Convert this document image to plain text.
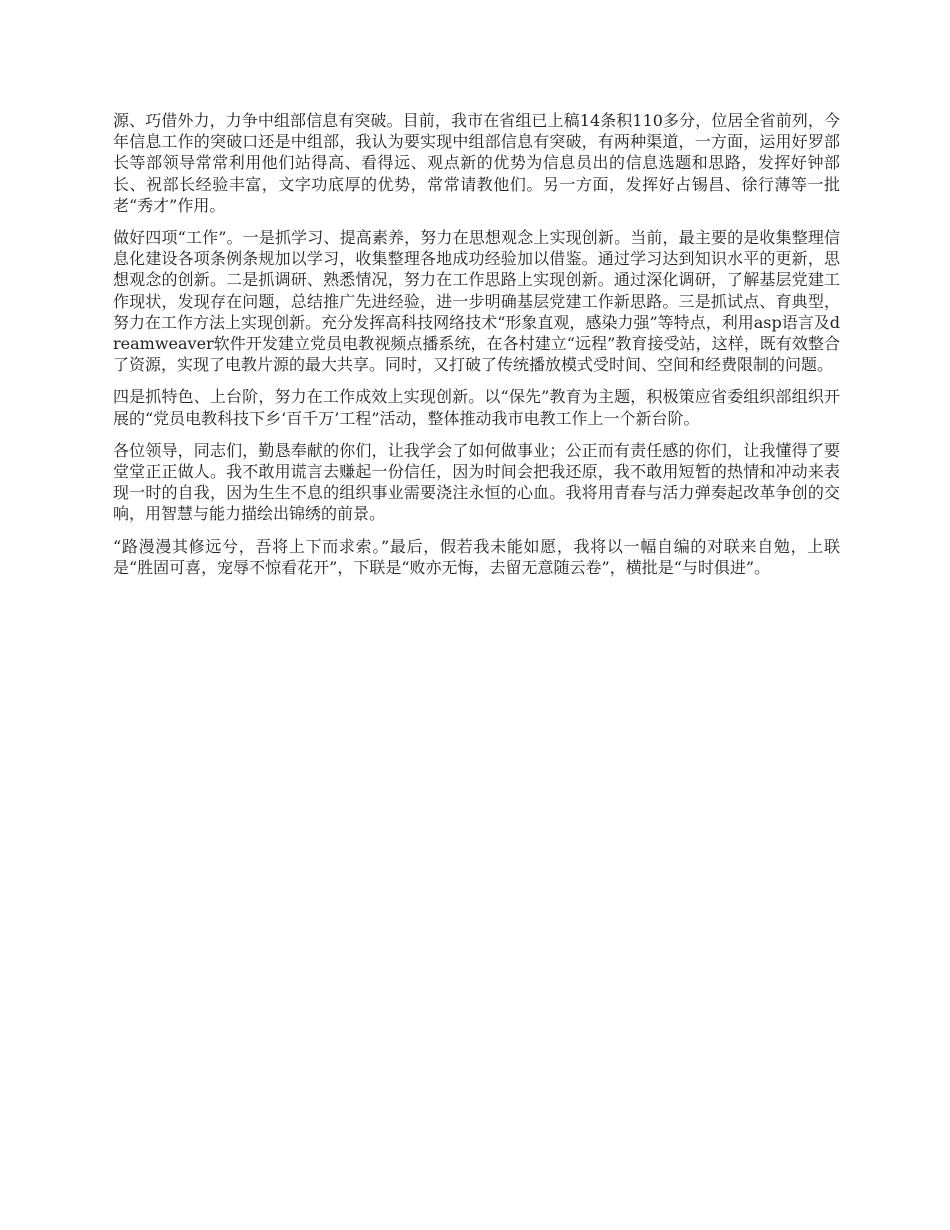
源、巧借外力，力争中组部信息有突破。目前，我市在省组已上稿14条积110多分，位居全省前列，今年信息工作的突破口还是中组部，我认为要实现中组部信息有突破，有两种渠道，一方面，运用好罗部长等部领导常常利用他们站得高、看得远、观点新的优势为信息员出的信息选题和思路，发挥好钟部长、祝部长经验丰富，文字功底厚的优势，常常请教他们。另一方面，发挥好占锡昌、徐行薄等一批老“秀才”作用。

做好四项“工作”。一是抓学习、提高素养，努力在思想观念上实现创新。当前，最主要的是收集整理信息化建设各项条例条规加以学习，收集整理各地成功经验加以借鉴。通过学习达到知识水平的更新，思想观念的创新。二是抓调研、熟悉情况，努力在工作思路上实现创新。通过深化调研，了解基层党建工作现状，发现存在问题，总结推广先进经验，进一步明确基层党建工作新思路。三是抓试点、育典型，努力在工作方法上实现创新。充分发挥高科技网络技术“形象直观，感染力强”等特点，利用asp语言及dreamweaver软件开发建立党员电教视频点播系统，在各村建立“远程”教育接受站，这样，既有效整合了资源，实现了电教片源的最大共享。同时，又打破了传统播放模式受时间、空间和经费限制的问题。

四是抓特色、上台阶，努力在工作成效上实现创新。以“保先”教育为主题，积极策应省委组织部组织开展的“党员电教科技下乡‘百千万’工程”活动，整体推动我市电教工作上一个新台阶。

各位领导，同志们，勤恳奉献的你们，让我学会了如何做事业；公正而有责任感的你们，让我懂得了要堂堂正正做人。我不敢用谎言去赚起一份信任，因为时间会把我还原，我不敢用短暂的热情和冲动来表现一时的自我，因为生生不息的组织事业需要浇注永恒的心血。我将用青春与活力弹奏起改革争创的交响，用智慧与能力描绘出锦绣的前景。

“路漫漫其修远兮，吾将上下而求索。”最后，假若我未能如愿，我将以一幅自编的对联来自勉，上联是“胜固可喜，宠辱不惊看花开”，下联是“败亦无悔，去留无意随云卷”，横批是“与时俱进”。
